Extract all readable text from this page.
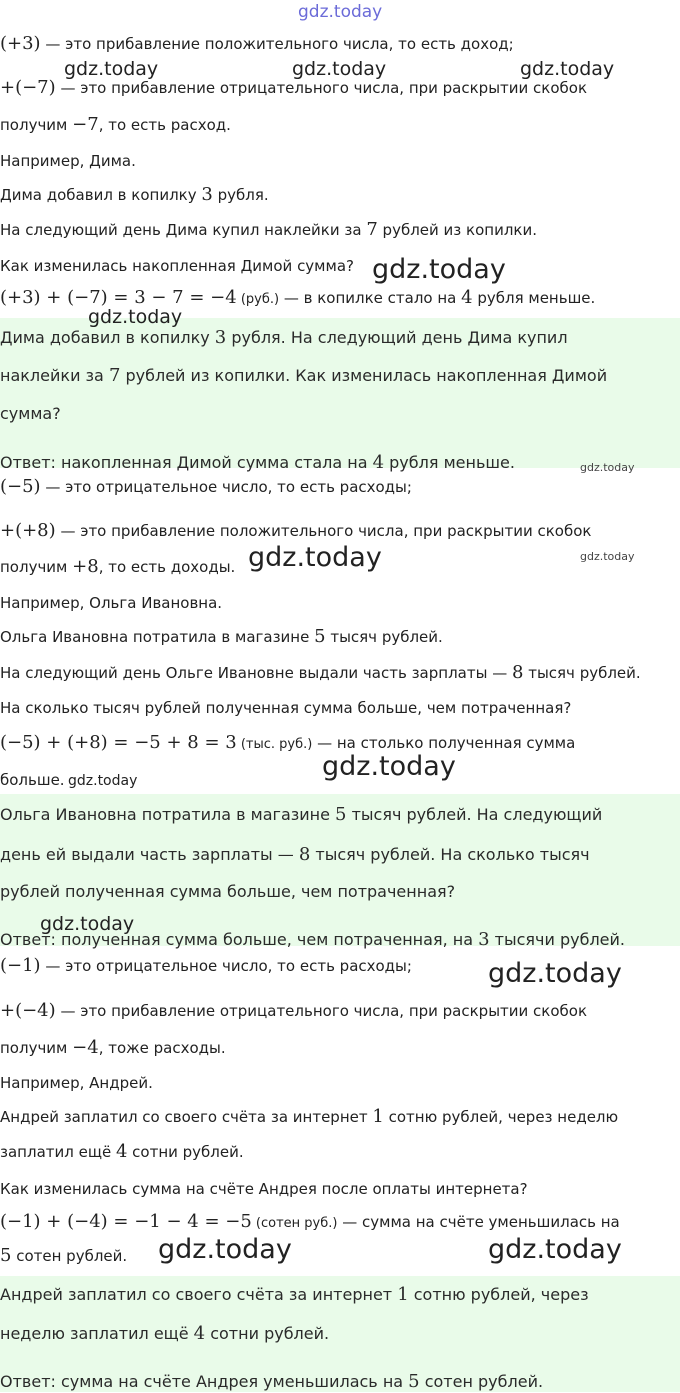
(+3) — это прибавление положительного числа, то есть доход;
+(−7) — это прибавление отрицательного числа, при раскрытии скобок
получим −7, то есть расход.
Например, Дима.
Дима добавил в копилку 3 рубля.
На следующий день Дима купил наклейки за 7 рублей из копилки.
Как изменилась накопленная Димой сумма?
(+3) + (−7) = 3 − 7 = −4 (руб.) — в копилке стало на 4 рубля меньше.
Дима добавил в копилку 3 рубля. На следующий день Дима купил
наклейки за 7 рублей из копилки. Как изменилась накопленная Димой
сумма?
Ответ: накопленная Димой сумма стала на 4 рубля меньше.
(−5) — это отрицательное число, то есть расходы;
+(+8) — это прибавление положительного числа, при раскрытии скобок
получим +8, то есть доходы.
Например, Ольга Ивановна.
Ольга Ивановна потратила в магазине 5 тысяч рублей.
На следующий день Ольге Ивановне выдали часть зарплаты — 8 тысяч рублей.
На сколько тысяч рублей полученная сумма больше, чем потраченная?
(−5) + (+8) = −5 + 8 = 3 (тыс. руб.) — на столько полученная сумма
больше.
Ольга Ивановна потратила в магазине 5 тысяч рублей. На следующий
день ей выдали часть зарплаты — 8 тысяч рублей. На сколько тысяч
рублей полученная сумма больше, чем потраченная?
Ответ: полученная сумма больше, чем потраченная, на 3 тысячи рублей.
(−1) — это отрицательное число, то есть расходы;
+(−4) — это прибавление отрицательного числа, при раскрытии скобок
получим −4, тоже расходы.
Например, Андрей.
Андрей заплатил со своего счёта за интернет 1 сотню рублей, через неделю
заплатил ещё 4 сотни рублей.
Как изменилась сумма на счёте Андрея после оплаты интернета?
(−1) + (−4) = −1 − 4 = −5 (сотен руб.) — сумма на счёте уменьшилась на
5 сотен рублей.
Андрей заплатил со своего счёта за интернет 1 сотню рублей, через
неделю заплатил ещё 4 сотни рублей.
Ответ: сумма на счёте Андрея уменьшилась на 5 сотен рублей.
gdz.today
gdz.today	gdz.today	gdz.today
gdz.today
gdz.today
gdz.today
gdz.today	gdz.today
gdz.today
gdz.today
gdz.today
gdz.today
gdz.today	gdz.today
